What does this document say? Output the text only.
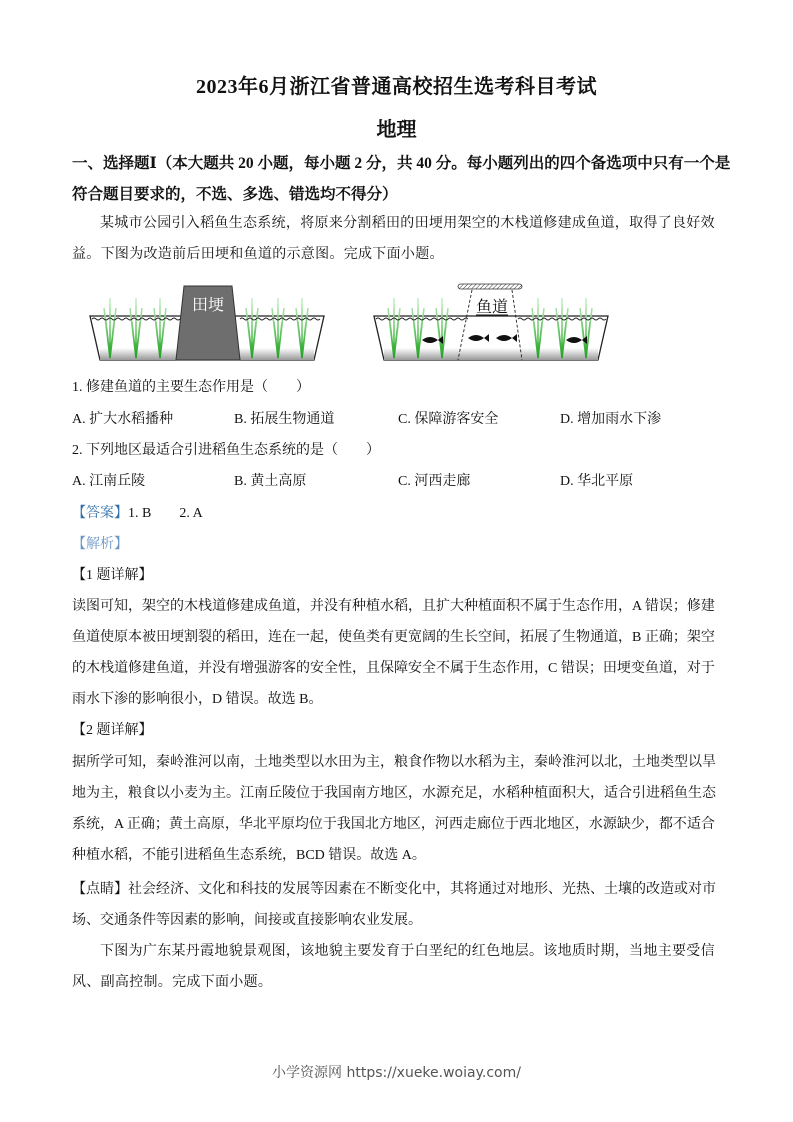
2023年6月浙江省普通高校招生选考科目考试
地理
一、选择题Ⅰ（本大题共 20 小题，每小题 2 分，共 40 分。每小题列出的四个备选项中只有一个是符合题目要求的，不选、多选、错选均不得分）
某城市公园引入稻鱼生态系统，将原来分割稻田的田埂用架空的木栈道修建成鱼道，取得了良好效益。下图为改造前后田埂和鱼道的示意图。完成下面小题。
田埂	鱼道
1. 修建鱼道的主要生态作用是（　　）
A. 扩大水稻播种	B. 拓展生物通道	C. 保障游客安全	D. 增加雨水下渗
2. 下列地区最适合引进稻鱼生态系统的是（　　）
A. 江南丘陵	B. 黄土高原	C. 河西走廊	D. 华北平原
【答案】1. B 2. A
【解析】
【1 题详解】
读图可知，架空的木栈道修建成鱼道，并没有种植水稻，且扩大种植面积不属于生态作用，A 错误；修建鱼道使原本被田埂割裂的稻田，连在一起，使鱼类有更宽阔的生长空间，拓展了生物通道，B 正确；架空的木栈道修建鱼道，并没有增强游客的安全性，且保障安全不属于生态作用，C 错误；田埂变鱼道，对于雨水下渗的影响很小，D 错误。故选 B。
【2 题详解】
据所学可知，秦岭淮河以南，土地类型以水田为主，粮食作物以水稻为主，秦岭淮河以北，土地类型以旱地为主，粮食以小麦为主。江南丘陵位于我国南方地区，水源充足，水稻种植面积大，适合引进稻鱼生态系统，A 正确；黄土高原，华北平原均位于我国北方地区，河西走廊位于西北地区，水源缺少，都不适合种植水稻，不能引进稻鱼生态系统，BCD 错误。故选 A。
【点睛】社会经济、文化和科技的发展等因素在不断变化中，其将通过对地形、光热、土壤的改造或对市场、交通条件等因素的影响，间接或直接影响农业发展。
下图为广东某丹霞地貌景观图，该地貌主要发育于白垩纪的红色地层。该地质时期，当地主要受信风、副高控制。完成下面小题。
小学资源网 https://xueke.woiay.com/
